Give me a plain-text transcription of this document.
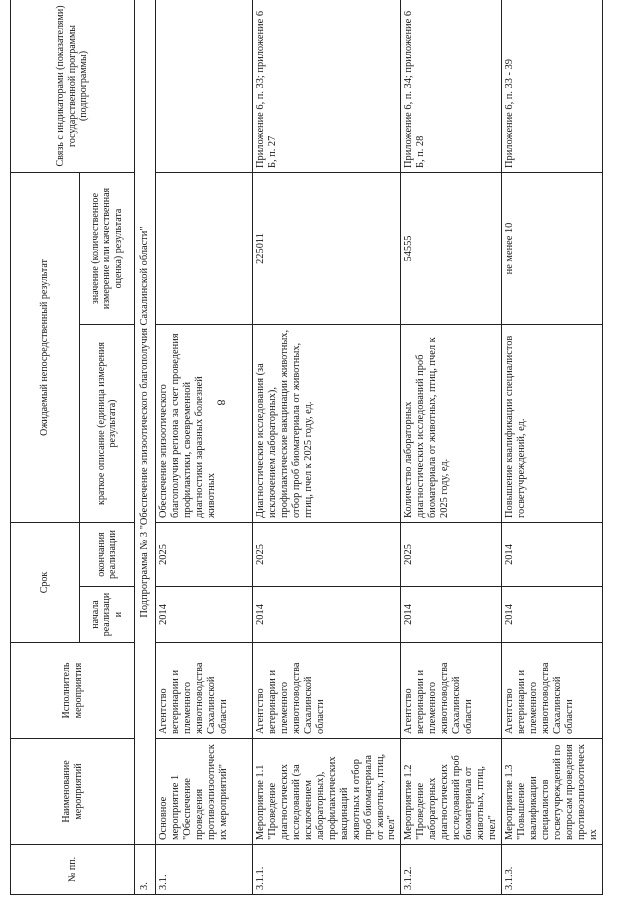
8
№ пп.	Наименование мероприятий	Исполнитель мероприятия	Срок		Ожидаемый непосредственный результат		Связь с индикаторами (показателями) государственной программы (подпрограммы)
			начала реализации	окончания реализации	краткое описание (единица измерения результата)	значение (количественное измерение или качественная оценка) результата	
3.	Подпрограмма № 3 "Обеспечение эпизоотического благополучия Сахалинской области"						
3.1.	Основное мероприятие 1 "Обеспечение проведения противоэпизоотических мероприятий"	Агентство ветеринарии и племенного животноводства Сахалинской области	2014	2025	Обеспечение эпизоотического благополучия региона за счет проведения профилактики, своевременной диагностики заразных болезней животных		
3.1.1.	Мероприятие 1.1 "Проведение диагностических исследований (за исключением лабораторных), профилактических вакцинаций животных и отбор проб биоматериала от животных, птиц, пчел"	Агентство ветеринарии и племенного животноводства Сахалинской области	2014	2025	Диагностические исследования (за исключением лабораторных), профилактические вакцинации животных, отбор проб биоматериала от животных, птиц, пчел к 2025 году, ед.	225011	Приложение 6, п. 33; приложение 6 Б, п. 27
3.1.2.	Мероприятие 1.2 "Проведение лабораторных диагностических исследований проб биоматериала от животных, птиц, пчел"	Агентство ветеринарии и племенного животноводства Сахалинской области	2014	2025	Количество лабораторных диагностических исследований проб биоматериала от животных, птиц, пчел к 2025 году, ед.	54555	Приложение 6, п. 34; приложение 6 Б, п. 28
3.1.3.	Мероприятие 1.3 "Повышение квалификации специалистов госветучреждений по вопросам проведения противоэпизоотических	Агентство ветеринарии и племенного животноводства Сахалинской области	2014	2014	Повышение квалификации специалистов госветучреждений, ед.	не менее 10	Приложение 6, п. 33 - 39
